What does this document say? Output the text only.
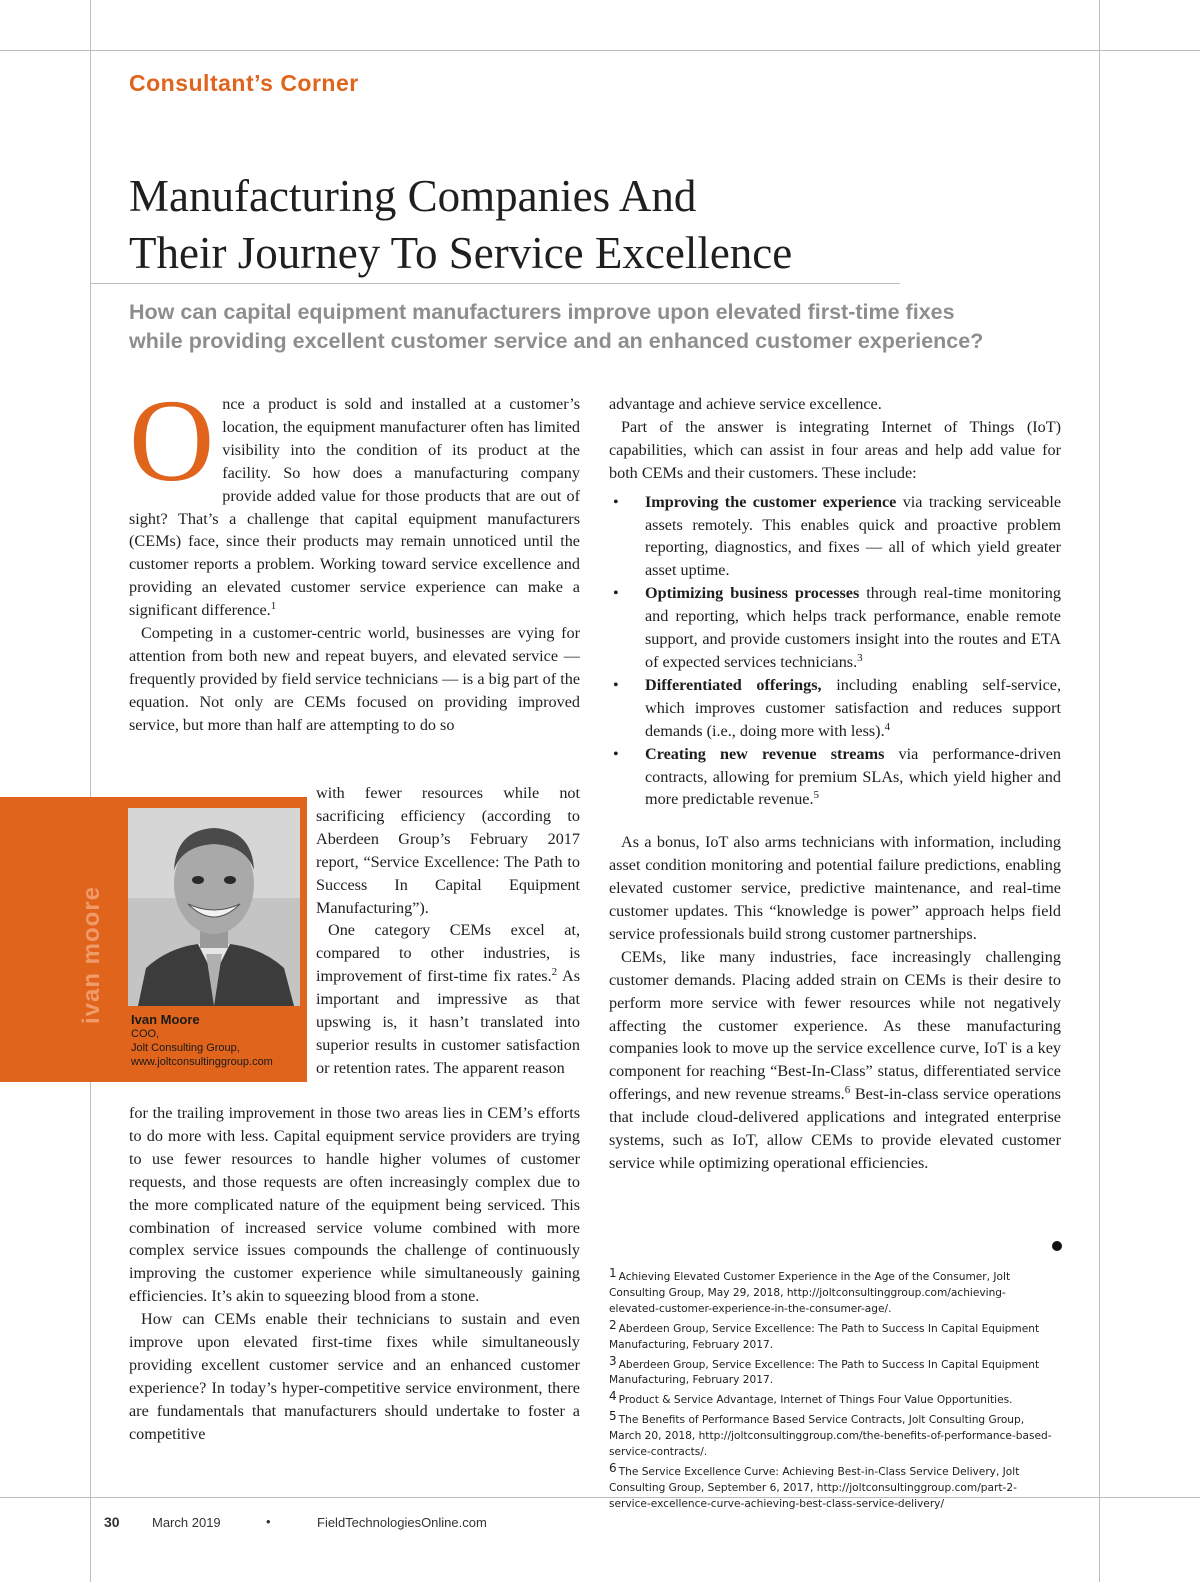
Consultant’s Corner
Manufacturing Companies And
Their Journey To Service Excellence
How can capital equipment manufacturers improve upon elevated first-time fixes
while providing excellent customer service and an enhanced customer experience?
ivan moore Ivan Moore
COO,
Jolt Consulting Group,
www.joltconsultinggroup.com

Once a product is sold and installed at a customer’s location, the equipment manufacturer often has limited visibility into the condition of its product at the facility. So how does a manufacturing company provide added value for those products that are out of sight? That’s a challenge that capital equipment manufacturers (CEMs) face, since their products may remain unnoticed until the customer reports a problem. Working toward service excellence and providing an elevated customer service experience can make a significant difference.$^1$

Competing in a customer-centric world, businesses are vying for attention from both new and repeat buyers, and elevated service — frequently provided by field service technicians — is a big part of the equation. Not only are CEMs focused on providing improved service, but more than half are attempting to do so

with fewer resources while not sacrificing efficiency (according to Aberdeen Group’s February 2017 report, “Service Excellence: The Path to Success In Capital Equipment Manufacturing”).

One category CEMs excel at, compared to other industries, is improvement of first-time fix rates.$^2$ As important and impressive as that upswing is, it hasn’t translated into superior results in customer satisfaction or retention rates. The apparent reason

for the trailing improvement in those two areas lies in CEM’s efforts to do more with less. Capital equipment service providers are trying to use fewer resources to handle higher volumes of customer requests, and those requests are often increasingly complex due to the more complicated nature of the equipment being serviced. This combination of increased service volume combined with more complex service issues compounds the challenge of continuously improving the customer experience while simultaneously gaining efficiencies. It’s akin to squeezing blood from a stone.

How can CEMs enable their technicians to sustain and even improve upon elevated first-time fixes while simultaneously providing excellent customer service and an enhanced customer experience? In today’s hyper-competitive service environment, there are fundamentals that manufacturers should undertake to foster a competitive

advantage and achieve service excellence.

Part of the answer is integrating Internet of Things (IoT) capabilities, which can assist in four areas and help add value for both CEMs and their customers. These include:

• Improving the customer experience via tracking serviceable assets remotely. This enables quick and proactive problem reporting, diagnostics, and fixes — all of which yield greater asset uptime.
• Optimizing business processes through real-time monitoring and reporting, which helps track performance, enable remote support, and provide customers insight into the routes and ETA of expected services technicians.$^3$
• Differentiated offerings, including enabling self-service, which improves customer satisfaction and reduces support demands (i.e., doing more with less).$^4$
• Creating new revenue streams via performance-driven contracts, allowing for premium SLAs, which yield higher and more predictable revenue.$^5$

As a bonus, IoT also arms technicians with information, including asset condition monitoring and potential failure predictions, enabling elevated customer service, predictive maintenance, and real-time customer updates. This “knowledge is power” approach helps field service professionals build strong customer partnerships.

CEMs, like many industries, face increasingly challenging customer demands. Placing added strain on CEMs is their desire to perform more service with fewer resources while not negatively affecting the customer experience. As these manufacturing companies look to move up the service excellence curve, IoT is a key component for reaching “Best-In-Class” status, differentiated service offerings, and new revenue streams.$^6$ Best-in-class service operations that include cloud-delivered applications and integrated enterprise systems, such as IoT, allow CEMs to provide elevated customer service while optimizing operational efficiencies.

1 Achieving Elevated Customer Experience in the Age of the Consumer, Jolt Consulting Group, May 29, 2018, http://joltconsultinggroup.com/achieving-elevated-customer-experience-in-the-consumer-age/.

2 Aberdeen Group, Service Excellence: The Path to Success In Capital Equipment Manufacturing, February 2017.

3 Aberdeen Group, Service Excellence: The Path to Success In Capital Equipment Manufacturing, February 2017.

4 Product & Service Advantage, Internet of Things Four Value Opportunities.

5 The Benefits of Performance Based Service Contracts, Jolt Consulting Group, March 20, 2018, http://joltconsultinggroup.com/the-benefits-of-performance-based-service-contracts/.

6 The Service Excellence Curve: Achieving Best-in-Class Service Delivery, Jolt Consulting Group, September 6, 2017, http://joltconsultinggroup.com/part-2-service-excellence-curve-achieving-best-class-service-delivery/

30 March 2019	•	FieldTechnologiesOnline.com
